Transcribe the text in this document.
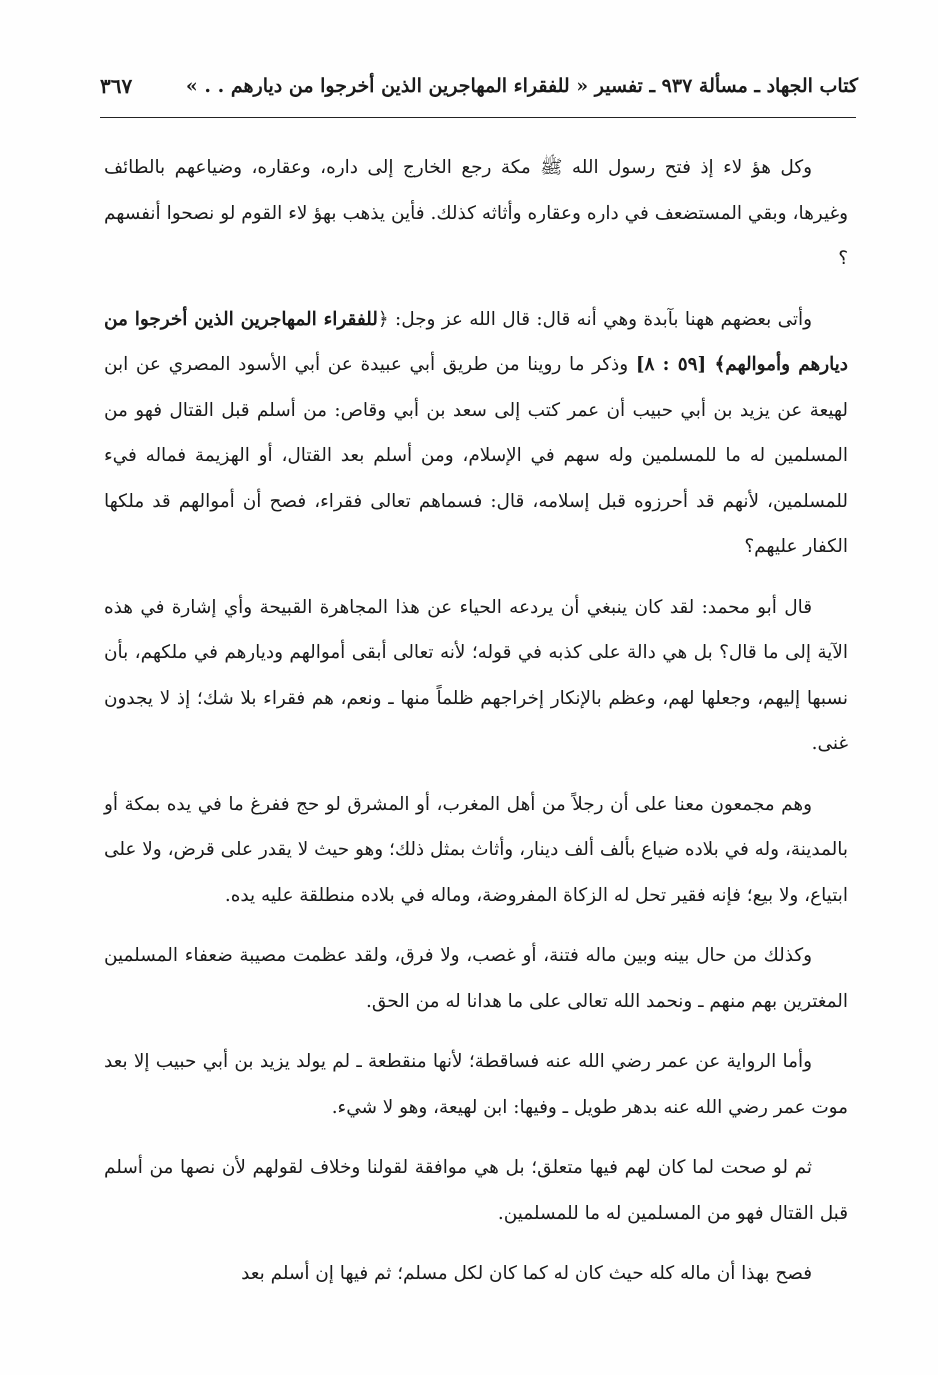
كتاب الجهاد ـ مسألة ٩٣٧ ـ تفسير « للفقراء المهاجرين الذين أخرجوا من ديارهم . . »
٣٦٧

وكل هؤ لاء إذ فتح رسول الله ﷺ مكة رجع الخارج إلى داره، وعقاره، وضياعهم بالطائف وغيرها، وبقي المستضعف في داره وعقاره وأثاثه كذلك. فأين يذهب بهؤ لاء القوم لو نصحوا أنفسهم ؟

وأتى بعضهم ههنا بآبدة وهي أنه قال: قال الله عز وجل: ﴿للفقراء المهاجرين الذين أخرجوا من ديارهم وأموالهم﴾ [٥٩ : ٨] وذكر ما روينا من طريق أبي عبيدة عن أبي الأسود المصري عن ابن لهيعة عن يزيد بن أبي حبيب أن عمر كتب إلى سعد بن أبي وقاص: من أسلم قبل القتال فهو من المسلمين له ما للمسلمين وله سهم في الإسلام، ومن أسلم بعد القتال، أو الهزيمة فماله فيء للمسلمين، لأنهم قد أحرزوه قبل إسلامه، قال: فسماهم تعالى فقراء، فصح أن أموالهم قد ملكها الكفار عليهم؟

قال أبو محمد: لقد كان ينبغي أن يردعه الحياء عن هذا المجاهرة القبيحة وأي إشارة في هذه الآية إلى ما قال؟ بل هي دالة على كذبه في قوله؛ لأنه تعالى أبقى أموالهم وديارهم في ملكهم، بأن نسبها إليهم، وجعلها لهم، وعظم بالإنكار إخراجهم ظلماً منها ـ ونعم، هم فقراء بلا شك؛ إذ لا يجدون غنى.

وهم مجمعون معنا على أن رجلاً من أهل المغرب، أو المشرق لو حج ففرغ ما في يده بمكة أو بالمدينة، وله في بلاده ضياع بألف ألف دينار، وأثاث بمثل ذلك؛ وهو حيث لا يقدر على قرض، ولا على ابتياع، ولا بيع؛ فإنه فقير تحل له الزكاة المفروضة، وماله في بلاده منطلقة عليه يده.

وكذلك من حال بينه وبين ماله فتنة، أو غصب، ولا فرق، ولقد عظمت مصيبة ضعفاء المسلمين المغترين بهم منهم ـ ونحمد الله تعالى على ما هدانا له من الحق.

وأما الرواية عن عمر رضي الله عنه فساقطة؛ لأنها منقطعة ـ لم يولد يزيد بن أبي حبيب إلا بعد موت عمر رضي الله عنه بدهر طويل ـ وفيها: ابن لهيعة، وهو لا شيء.

ثم لو صحت لما كان لهم فيها متعلق؛ بل هي موافقة لقولنا وخلاف لقولهم لأن نصها من أسلم قبل القتال فهو من المسلمين له ما للمسلمين.

فصح بهذا أن ماله كله حيث كان له كما كان لكل مسلم؛ ثم فيها إن أسلم بعد
